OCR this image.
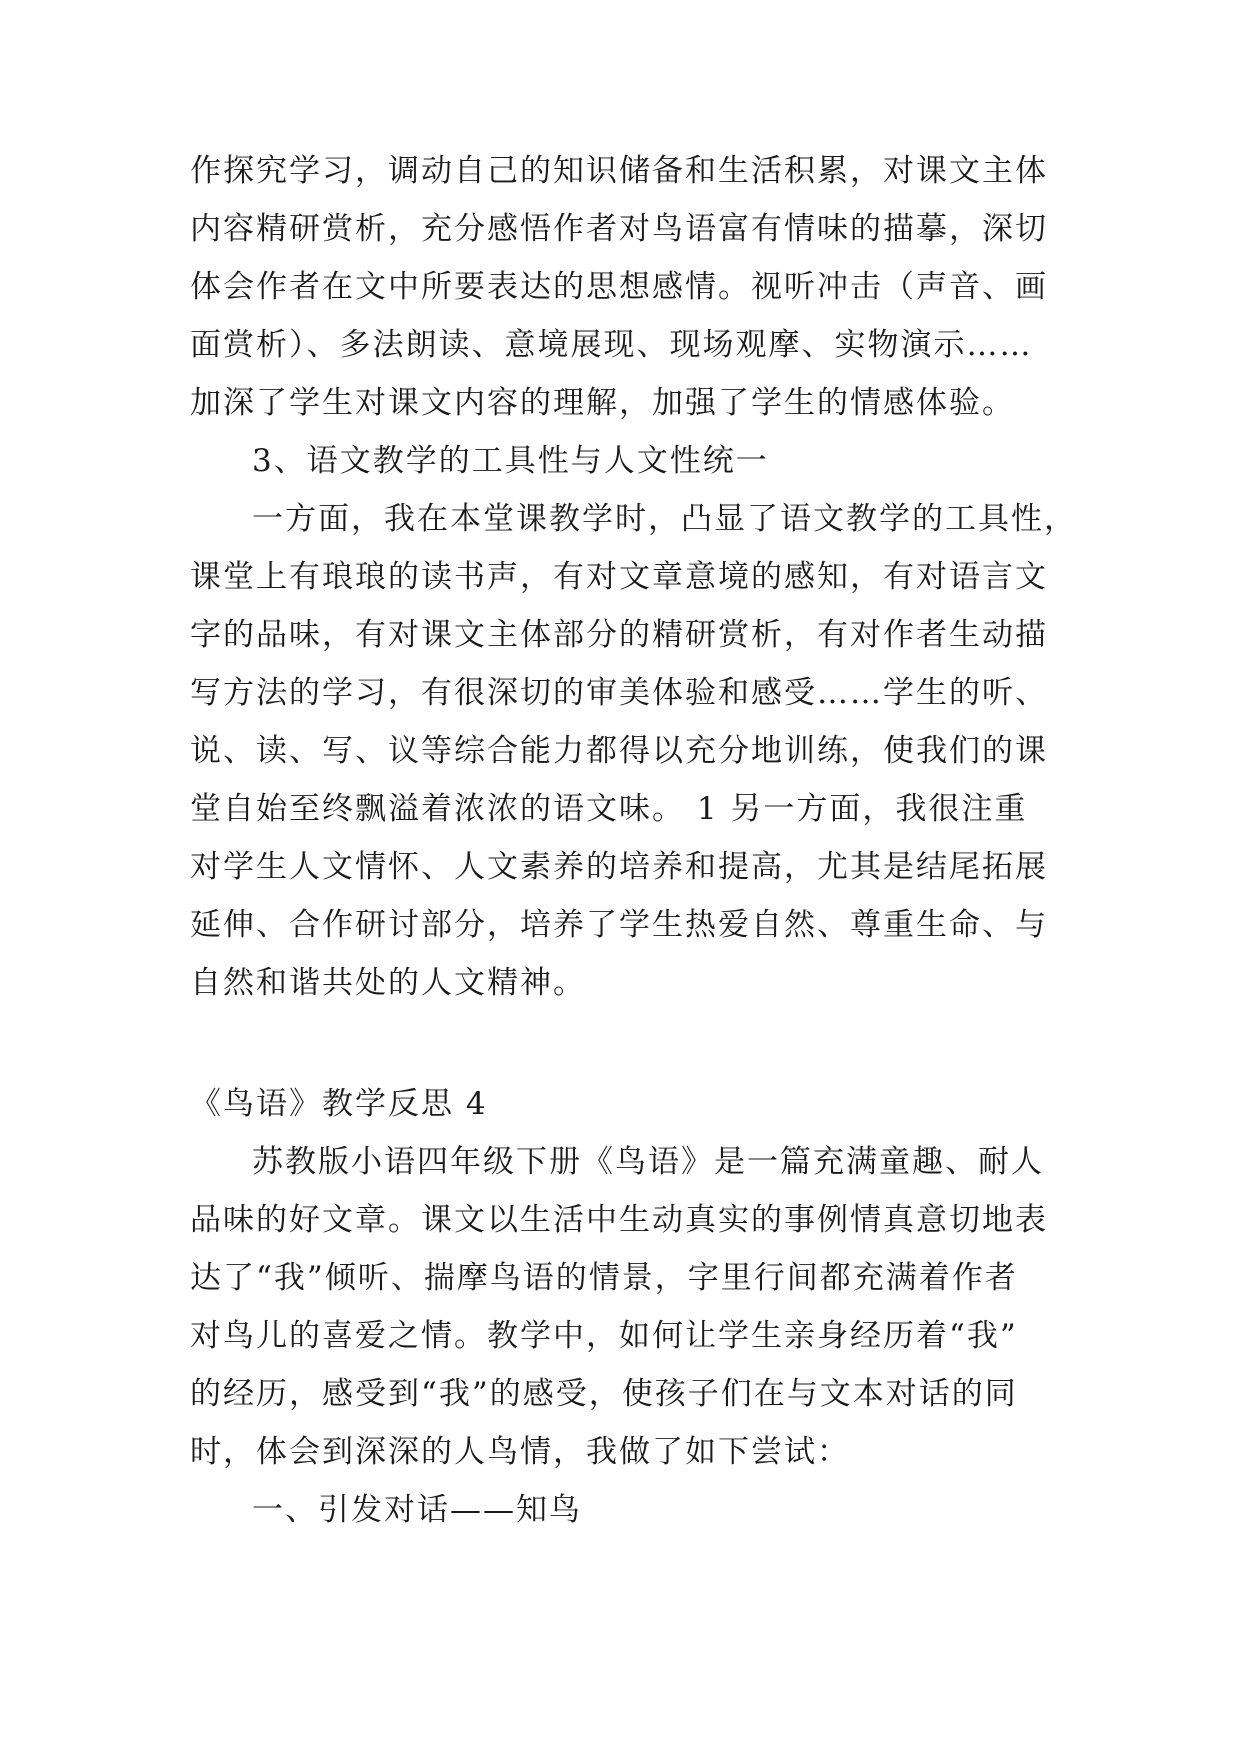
作探究学习，调动自己的知识储备和生活积累，对课文主体
内容精研赏析，充分感悟作者对鸟语富有情味的描摹，深切
体会作者在文中所要表达的思想感情。视听冲击（声音、画
面赏析）、多法朗读、意境展现、现场观摩、实物演示……
加深了学生对课文内容的理解，加强了学生的情感体验。
3、语文教学的工具性与人文性统一
一方面，我在本堂课教学时，凸显了语文教学的工具性，
课堂上有琅琅的读书声，有对文章意境的感知，有对语言文
字的品味，有对课文主体部分的精研赏析，有对作者生动描
写方法的学习，有很深切的审美体验和感受……学生的听、
说、读、写、议等综合能力都得以充分地训练，使我们的课
堂自始至终飘溢着浓浓的语文味。 1 另一方面，我很注重
对学生人文情怀、人文素养的培养和提高，尤其是结尾拓展
延伸、合作研讨部分，培养了学生热爱自然、尊重生命、与
自然和谐共处的人文精神。
《鸟语》教学反思 4
苏教版小语四年级下册《鸟语》是一篇充满童趣、耐人
品味的好文章。课文以生活中生动真实的事例情真意切地表
达了“我”倾听、揣摩鸟语的情景，字里行间都充满着作者
对鸟儿的喜爱之情。教学中，如何让学生亲身经历着“我”
的经历，感受到“我”的感受，使孩子们在与文本对话的同
时，体会到深深的人鸟情，我做了如下尝试：
一、引发对话——知鸟
